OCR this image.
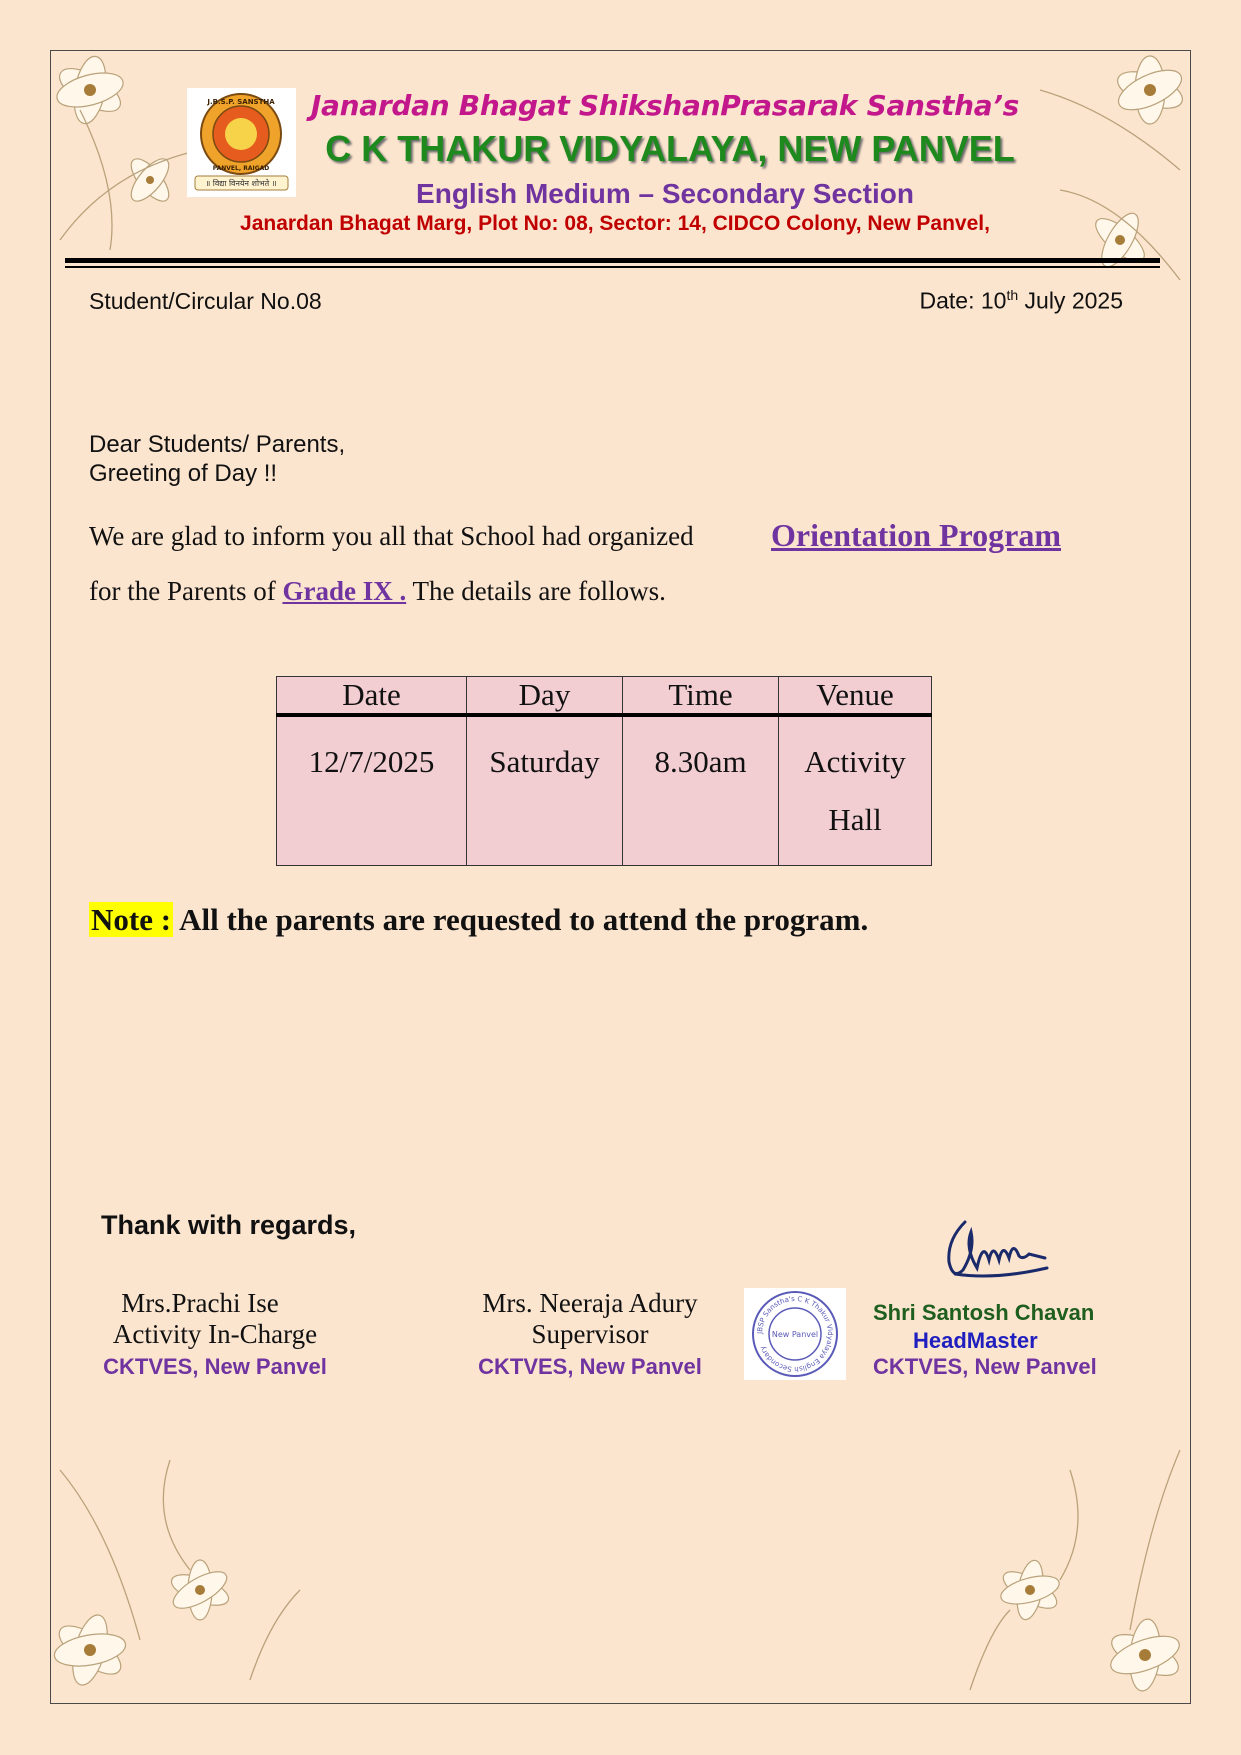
J.B.S.P. SANSTHA
PANVEL, RAIGAD
॥ विद्या विनयेन शोभते ॥
Janardan Bhagat ShikshanPrasarak Sanstha’s
C K THAKUR VIDYALAYA, NEW PANVEL
English Medium – Secondary Section
Janardan Bhagat Marg, Plot No: 08, Sector: 14, CIDCO Colony, New Panvel,
Student/Circular No.08	Date: 10th July 2025
Dear Students/ Parents,
Greeting of Day !!
We are glad to inform you all that School had organized Orientation Program
for the Parents of Grade IX . The details are follows.
Date	Day	Time	Venue
12/7/2025	Saturday	8.30am	Activity Hall
Note : All the parents are requested to attend the program.
Thank with regards,
Mrs.Prachi Ise
Activity In-Charge
CKTVES, New Panvel
Mrs. Neeraja Adury
Supervisor
CKTVES, New Panvel
JBSP Sanstha's C K Thakur Vidyalaya English Secondary
New Panvel
Shri Santosh Chavan
HeadMaster
CKTVES, New Panvel
